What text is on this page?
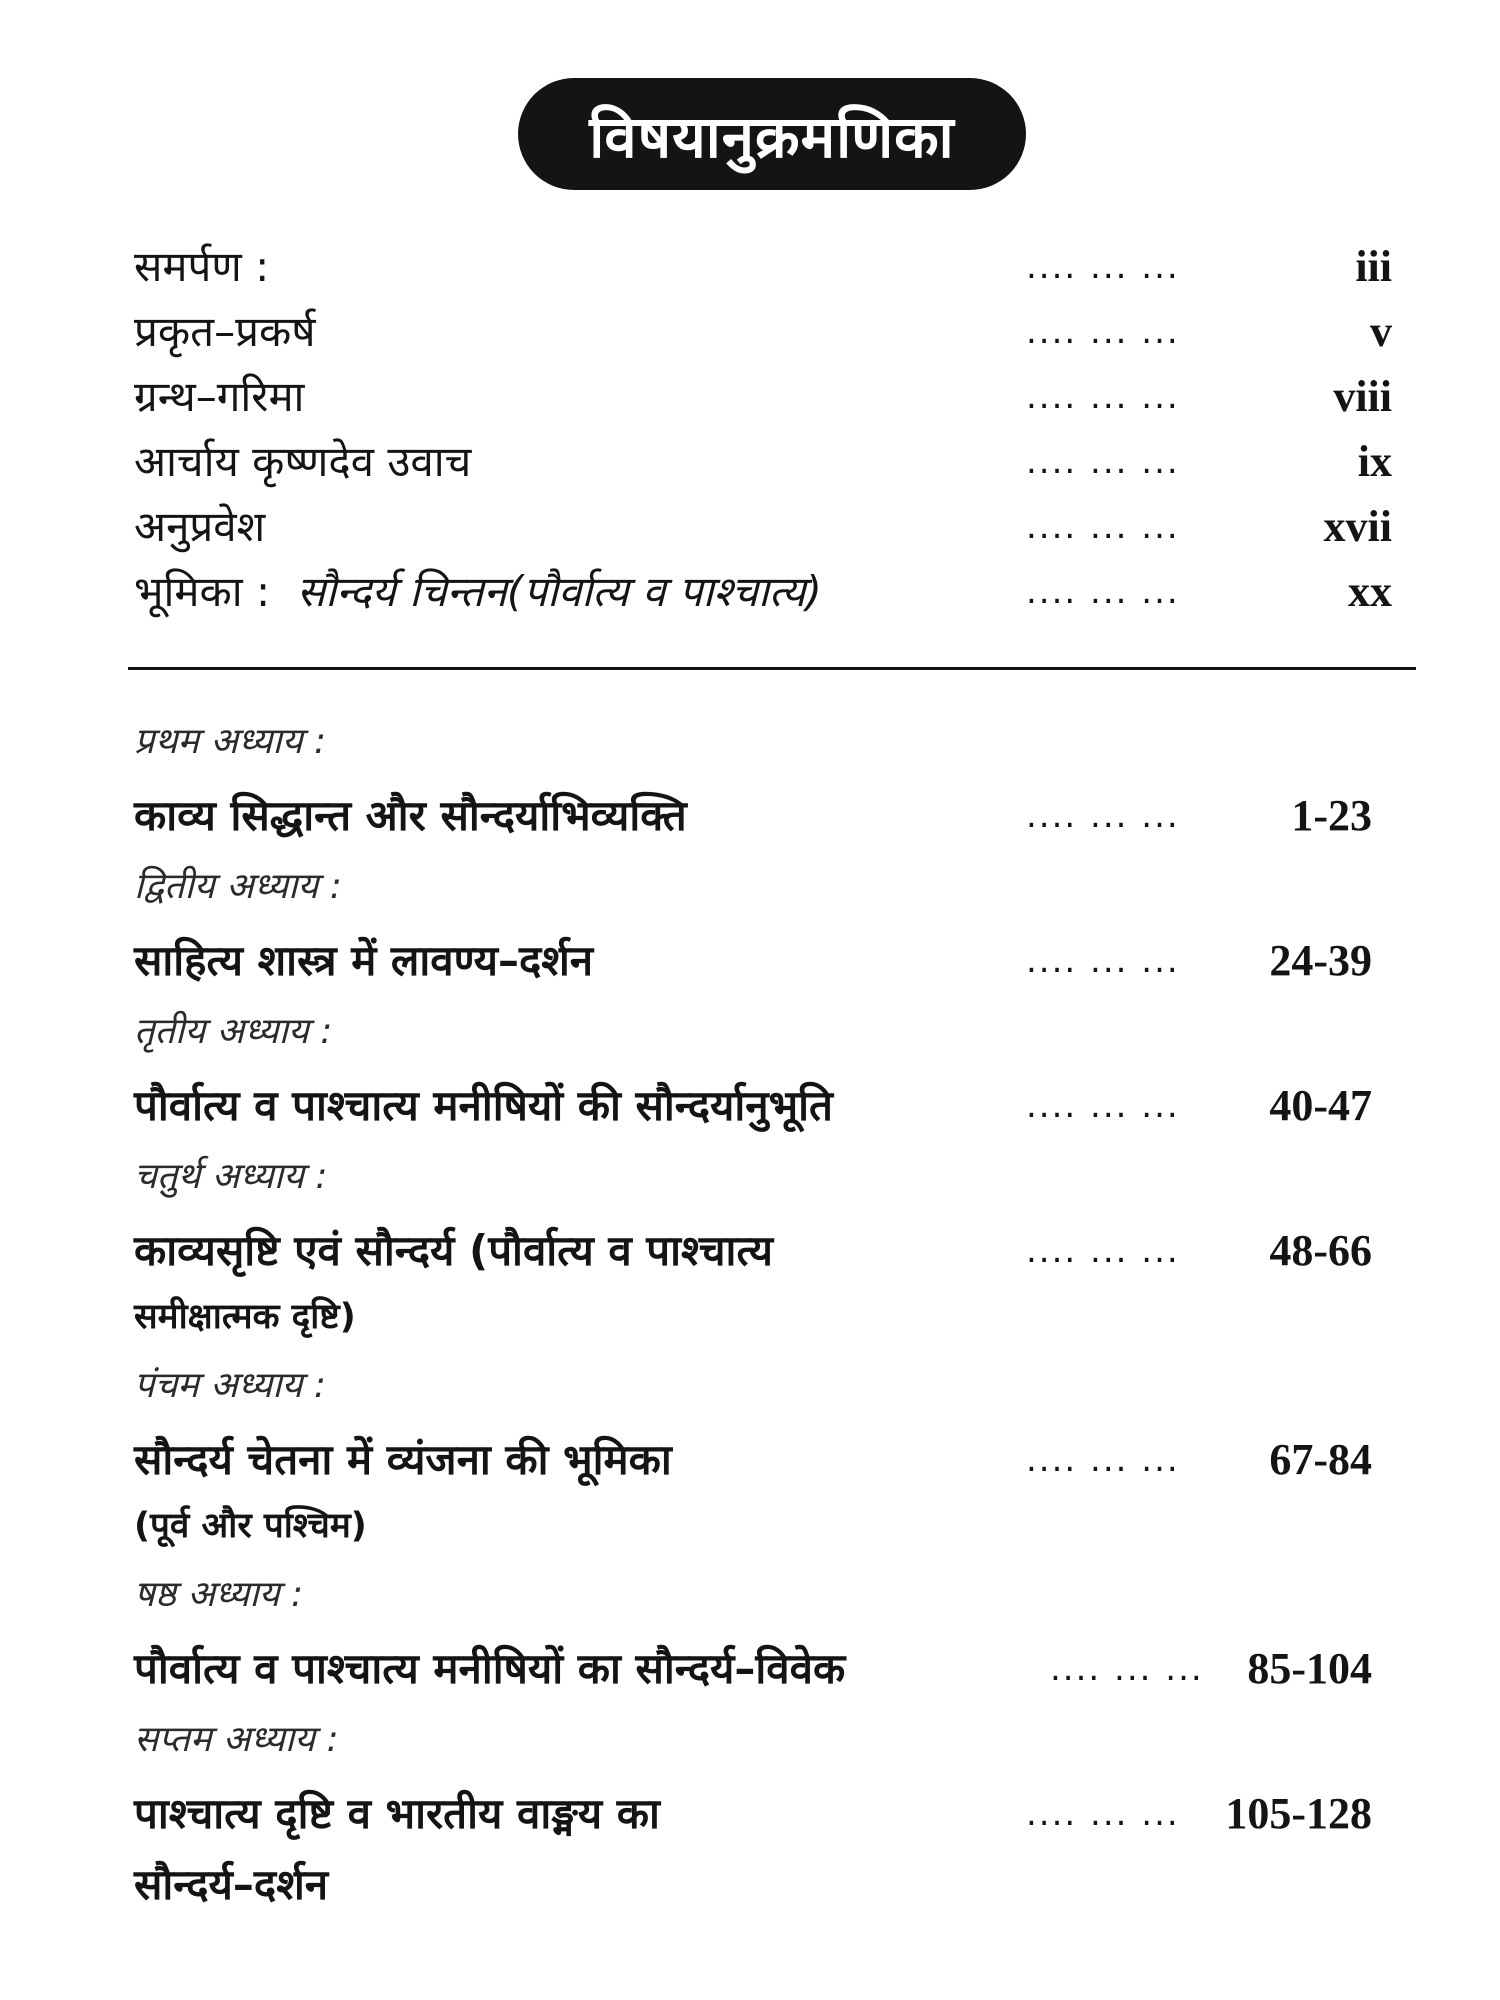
विषयानुक्रमणिका
समर्पण :	.... ... ...	iii
प्रकृत–प्रकर्ष	.... ... ...	v
ग्रन्थ–गरिमा	.... ... ...	viii
आर्चाय कृष्णदेव उवाच	.... ... ...	ix
अनुप्रवेश	.... ... ...	xvii
भूमिका : सौन्दर्य चिन्तन(पौर्वात्य व पाश्चात्य)	.... ... ...	xx
प्रथम अध्याय :
काव्य सिद्धान्त और सौन्दर्याभिव्यक्ति	.... ... ...	1-23
द्वितीय अध्याय :
साहित्य शास्त्र में लावण्य–दर्शन	.... ... ... 24-39
तृतीय अध्याय :
पौर्वात्य व पाश्चात्य मनीषियों की सौन्दर्यानुभूति	.... ... ... 40-47
चतुर्थ अध्याय :
काव्यसृष्टि एवं सौन्दर्य (पौर्वात्य व पाश्चात्य	.... ... ... 48-66
समीक्षात्मक दृष्टि)
पंचम अध्याय :
सौन्दर्य चेतना में व्यंजना की भूमिका	.... ... ... 67-84
(पूर्व और पश्चिम)
षष्ठ अध्याय :
पौर्वात्य व पाश्चात्य मनीषियों का सौन्दर्य–विवेक	.... ... ... 85-104
सप्तम अध्याय :
पाश्चात्य दृष्टि व भारतीय वाङ्मय का	.... ... ... 105-128
सौन्दर्य–दर्शन
